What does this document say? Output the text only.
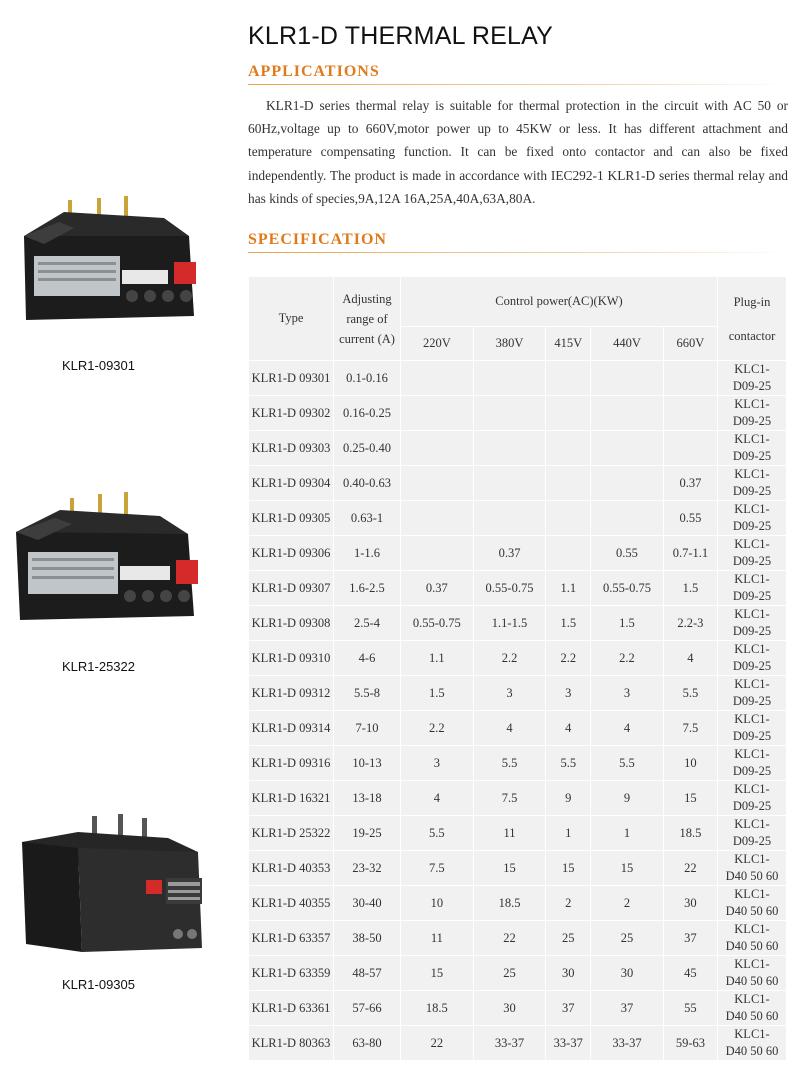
KLR1-D THERMAL RELAY
APPLICATIONS
KLR1-D series thermal relay is suitable for thermal protection in the circuit with AC 50 or 60Hz,voltage up to 660V,motor power up to 45KW or less. It has different attachment and temperature compensating function. It can be fixed onto contactor and can also be fixed independently. The product is made in accordance with IEC292-1 KLR1-D series thermal relay and has kinds of species,9A,12A 16A,25A,40A,63A,80A.
SPECIFICATION
KLR1-09301
KLR1-25322
KLR1-09305
Type	Adjusting range of current (A)	Control power(AC)(KW)					Plug-in contactor
		220V	380V	415V	440V	660V	
KLR1-D 09301	0.1-0.16						KLC1-
D09-25

KLR1-D 09302	0.16-0.25						KLC1-
D09-25

KLR1-D 09303	0.25-0.40						KLC1-
D09-25

KLR1-D 09304	0.40-0.63					0.37	KLC1-
D09-25

KLR1-D 09305	0.63-1					0.55	KLC1-
D09-25

KLR1-D 09306	1-1.6		0.37		0.55	0.7-1.1	KLC1-
D09-25

KLR1-D 09307	1.6-2.5	0.37	0.55-0.75	1.1	0.55-0.75	1.5	KLC1-
D09-25

KLR1-D 09308	2.5-4	0.55-0.75	1.1-1.5	1.5	1.5	2.2-3	KLC1-
D09-25

KLR1-D 09310	4-6	1.1	2.2	2.2	2.2	4	KLC1-
D09-25

KLR1-D 09312	5.5-8	1.5	3	3	3	5.5	KLC1-
D09-25

KLR1-D 09314	7-10	2.2	4	4	4	7.5	KLC1-
D09-25

KLR1-D 09316	10-13	3	5.5	5.5	5.5	10	KLC1-
D09-25

KLR1-D 16321	13-18	4	7.5	9	9	15	KLC1-
D09-25

KLR1-D 25322	19-25	5.5	11	1	1	18.5	KLC1-
D09-25

KLR1-D 40353	23-32	7.5	15	15	15	22	KLC1-
D40 50 60

KLR1-D 40355	30-40	10	18.5	2	2	30	KLC1-
D40 50 60

KLR1-D 63357	38-50	11	22	25	25	37	KLC1-
D40 50 60

KLR1-D 63359	48-57	15	25	30	30	45	KLC1-
D40 50 60

KLR1-D 63361	57-66	18.5	30	37	37	55	KLC1-
D40 50 60

KLR1-D 80363	63-80	22	33-37	33-37	33-37	59-63	KLC1-
D40 50 60
